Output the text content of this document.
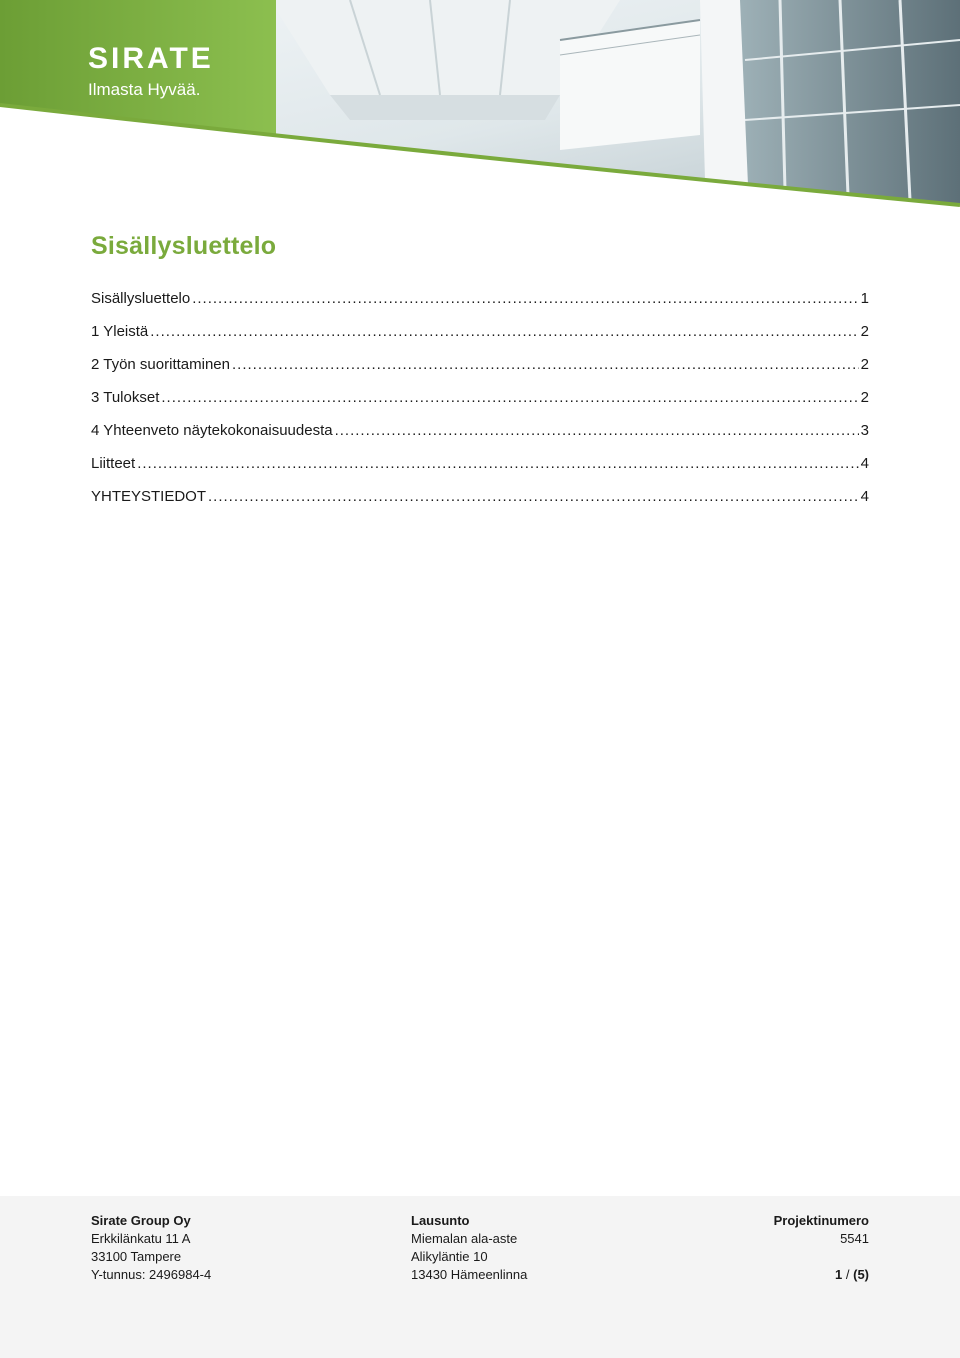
SIRATE
Ilmasta Hyvää.
Sisällysluettelo
Sisällysluettelo .....	1
1 Yleistä .....	2
2 Työn suorittaminen .....	2
3 Tulokset .....	2
4 Yhteenveto näytekokonaisuudesta .....	3
Liitteet .....	4
YHTEYSTIEDOT .....	4
Sirate Group Oy
Erkkilänkatu 11 A
33100 Tampere
Y-tunnus: 2496984-4
Lausunto
Miemalan ala-aste
Alikyläntie 10
13430 Hämeenlinna
Projektinumero
5541

1 / (5)
